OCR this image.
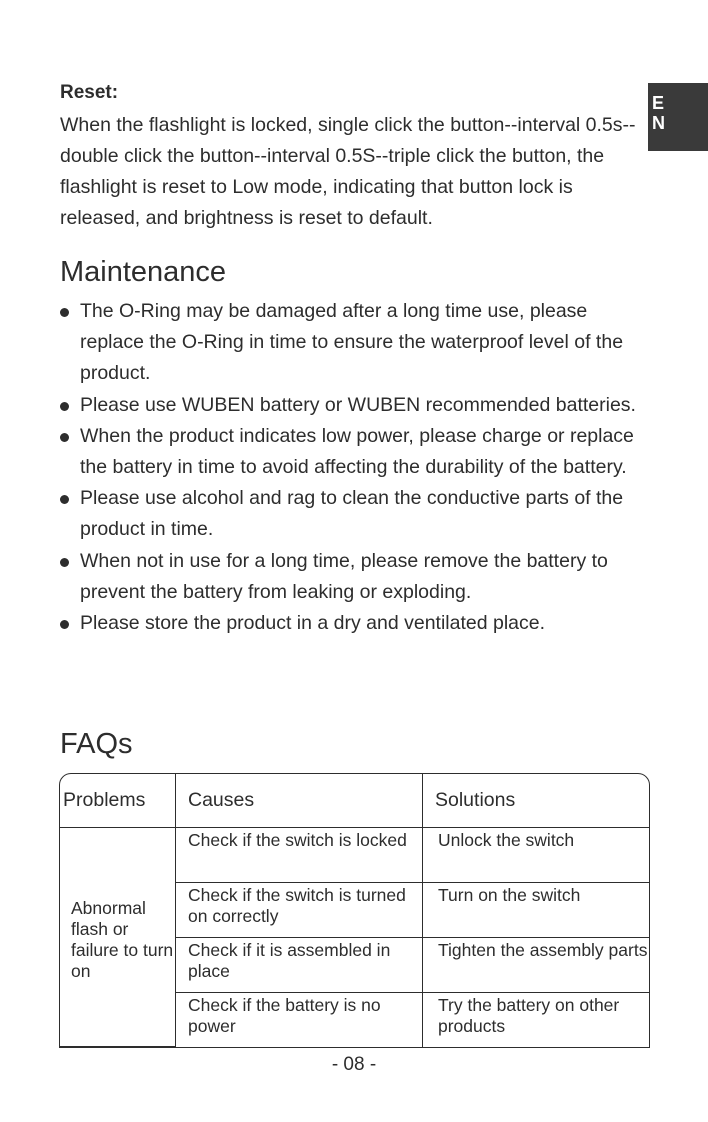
E
N
Reset:
When the flashlight is locked, single click the button--interval 0.5s--double click the button--interval 0.5S--triple click the button, the flashlight is reset to Low mode, indicating that button lock is released, and brightness is reset to default.
Maintenance
The O-Ring may be damaged after a long time use, please replace the O-Ring in time to ensure the waterproof level of the product.
Please use WUBEN battery or WUBEN recommended batteries.
When the product indicates low power, please charge or replace the battery in time to avoid affecting the durability of the battery.
Please use alcohol and rag to clean the conductive parts of the product in time.
When not in use for a long time, please remove the battery to prevent the battery from leaking or exploding.
Please store the product in a dry and ventilated place.
FAQs
Problems	Causes	Solutions
Abnormal flash or failure to turn on	Check if the switch is locked	Unlock the switch
	Check if the switch is turned on correctly	Turn on the switch
	Check if it is assembled in place	Tighten the assembly parts
	Check if the battery is no power	Try the battery on other products
- 08 -
